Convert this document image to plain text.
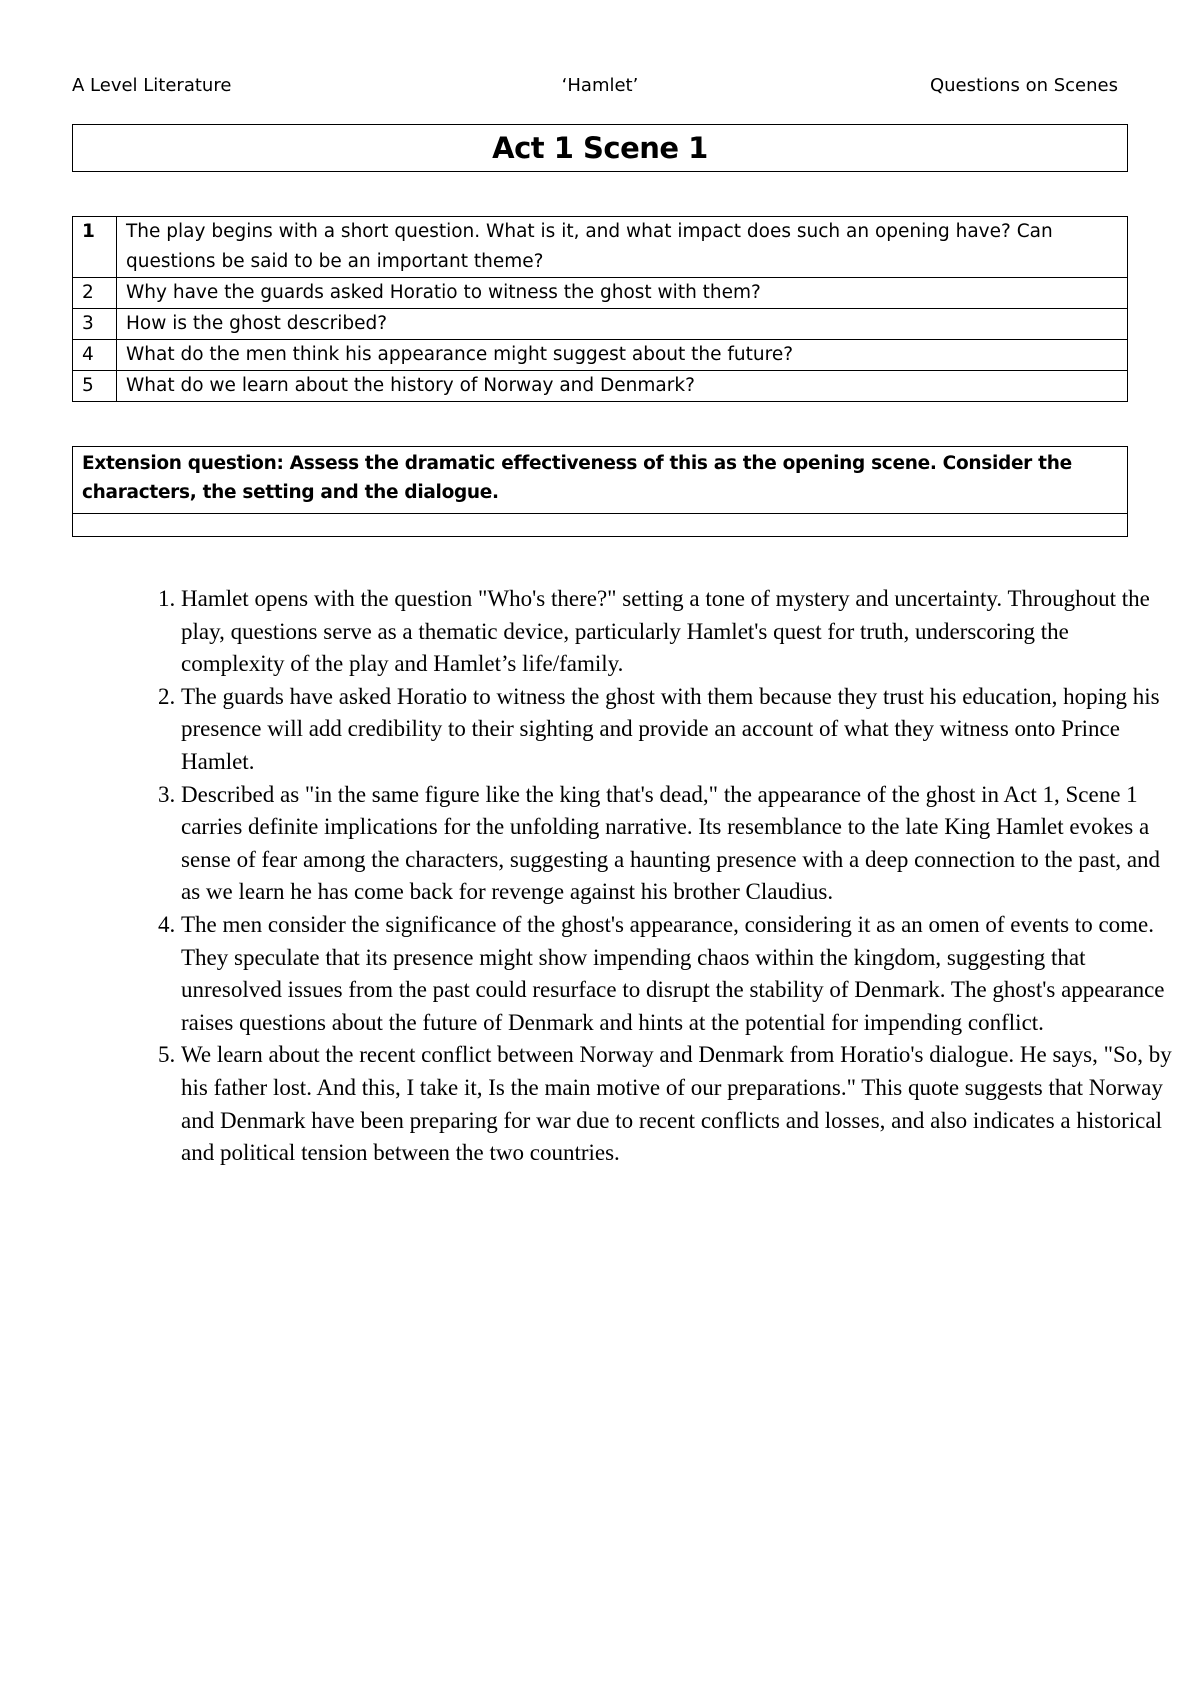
A Level Literature	‘Hamlet’	Questions on Scenes
Act 1 Scene 1
1	The play begins with a short question. What is it, and what impact does such an opening have? Can questions be said to be an important theme?
2	Why have the guards asked Horatio to witness the ghost with them?
3	How is the ghost described?
4	What do the men think his appearance might suggest about the future?
5	What do we learn about the history of Norway and Denmark?
Extension question: Assess the dramatic effectiveness of this as the opening scene. Consider the characters, the setting and the dialogue.

1. Hamlet opens with the question "Who's there?" setting a tone of mystery and uncertainty. Throughout the play, questions serve as a thematic device, particularly Hamlet's quest for truth, underscoring the complexity of the play and Hamlet’s life/family.
2. The guards have asked Horatio to witness the ghost with them because they trust his education, hoping his presence will add credibility to their sighting and provide an account of what they witness onto Prince Hamlet.
3. Described as "in the same figure like the king that's dead," the appearance of the ghost in Act 1, Scene 1 carries definite implications for the unfolding narrative. Its resemblance to the late King Hamlet evokes a sense of fear among the characters, suggesting a haunting presence with a deep connection to the past, and as we learn he has come back for revenge against his brother Claudius.
4. The men consider the significance of the ghost's appearance, considering it as an omen of events to come. They speculate that its presence might show impending chaos within the kingdom, suggesting that unresolved issues from the past could resurface to disrupt the stability of Denmark. The ghost's appearance raises questions about the future of Denmark and hints at the potential for impending conflict.
5. We learn about the recent conflict between Norway and Denmark from Horatio's dialogue. He says, "So, by his father lost. And this, I take it, Is the main motive of our preparations." This quote suggests that Norway and Denmark have been preparing for war due to recent conflicts and losses, and also indicates a historical and political tension between the two countries.
